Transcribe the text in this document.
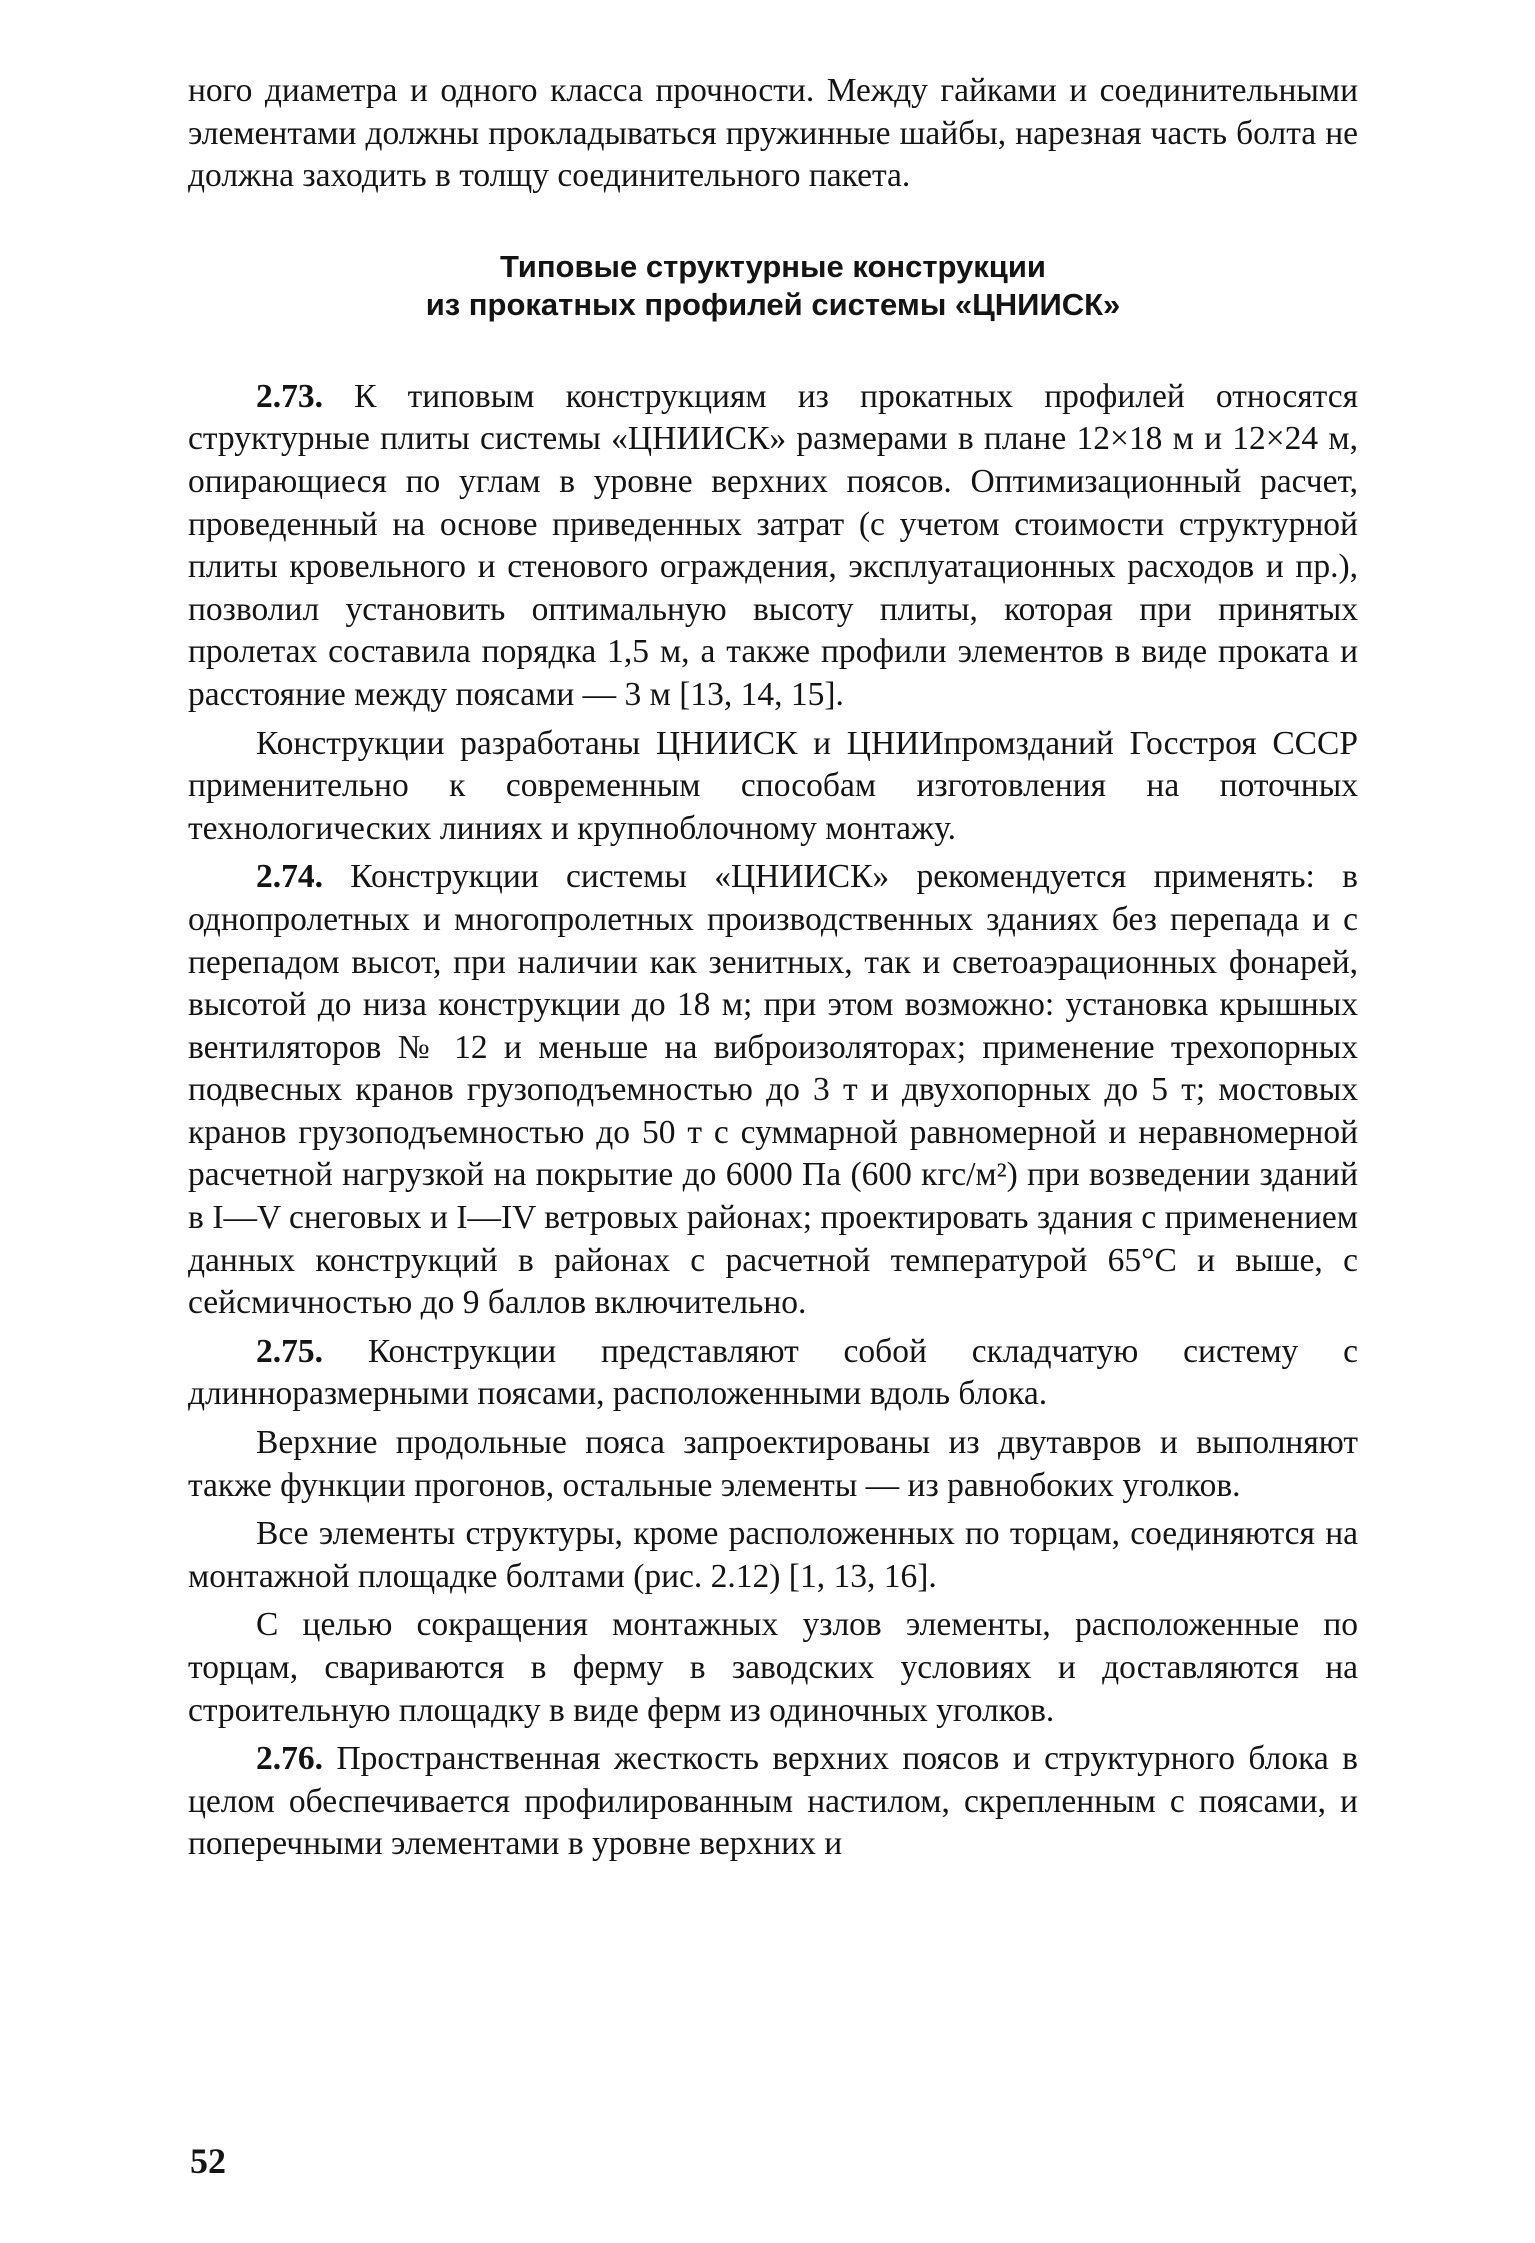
ного диаметра и одного класса прочности. Между гайками и соединительными элементами должны прокладываться пружинные шайбы, нарезная часть болта не должна заходить в толщу соединительного пакета.

Типовые структурные конструкции
из прокатных профилей системы «ЦНИИСК»

2.73. К типовым конструкциям из прокатных профилей относятся структурные плиты системы «ЦНИИСК» размерами в плане 12×18 м и 12×24 м, опирающиеся по углам в уровне верхних поясов. Оптимизационный расчет, проведенный на основе приведенных затрат (с учетом стоимости структурной плиты кровельного и стенового ограждения, эксплуатационных расходов и пр.), позволил установить оптимальную высоту плиты, которая при принятых пролетах составила порядка 1,5 м, а также профили элементов в виде проката и расстояние между поясами — 3 м [13, 14, 15].

Конструкции разработаны ЦНИИСК и ЦНИИпромзданий Госстроя СССР применительно к современным способам изготовления на поточных технологических линиях и крупноблочному монтажу.

2.74. Конструкции системы «ЦНИИСК» рекомендуется применять: в однопролетных и многопролетных производственных зданиях без перепада и с перепадом высот, при наличии как зенитных, так и светоаэрационных фонарей, высотой до низа конструкции до 18 м; при этом возможно: установка крышных вентиляторов № 12 и меньше на виброизоляторах; применение трехопорных подвесных кранов грузоподъемностью до 3 т и двухопорных до 5 т; мостовых кранов грузоподъемностью до 50 т с суммарной равномерной и неравномерной расчетной нагрузкой на покрытие до 6000 Па (600 кгс/м²) при возведении зданий в I—V снеговых и I—IV ветровых районах; проектировать здания с применением данных конструкций в районах с расчетной температурой 65°С и выше, с сейсмичностью до 9 баллов включительно.

2.75. Конструкции представляют собой складчатую систему с длинноразмерными поясами, расположенными вдоль блока.

Верхние продольные пояса запроектированы из двутавров и выполняют также функции прогонов, остальные элементы — из равнобоких уголков.

Все элементы структуры, кроме расположенных по торцам, соединяются на монтажной площадке болтами (рис. 2.12) [1, 13, 16].

С целью сокращения монтажных узлов элементы, расположенные по торцам, свариваются в ферму в заводских условиях и доставляются на строительную площадку в виде ферм из одиночных уголков.

2.76. Пространственная жесткость верхних поясов и структурного блока в целом обеспечивается профилированным настилом, скрепленным с поясами, и поперечными элементами в уровне верхних и

52
